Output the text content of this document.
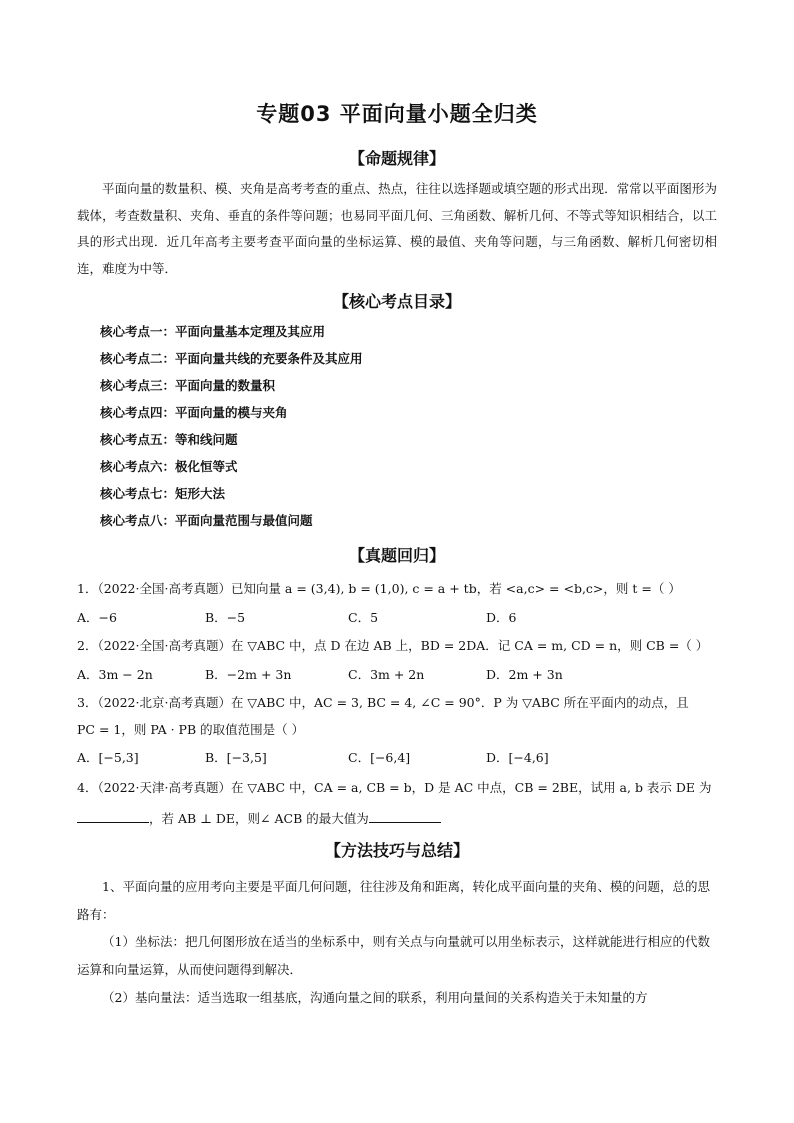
专题03 平面向量小题全归类
【命题规律】
平面向量的数量积、模、夹角是高考考查的重点、热点，往往以选择题或填空题的形式出现．常常以平面图形为载体，考查数量积、夹角、垂直的条件等问题；也易同平面几何、三角函数、解析几何、不等式等知识相结合，以工具的形式出现．近几年高考主要考查平面向量的坐标运算、模的最值、夹角等问题，与三角函数、解析几何密切相连，难度为中等．
【核心考点目录】
核心考点一：平面向量基本定理及其应用
核心考点二：平面向量共线的充要条件及其应用
核心考点三：平面向量的数量积
核心考点四：平面向量的模与夹角
核心考点五：等和线问题
核心考点六：极化恒等式
核心考点七：矩形大法
核心考点八：平面向量范围与最值问题
【真题回归】
1．（2022·全国·高考真题）已知向量 a = (3,4), b = (1,0), c = a + tb，若 <a,c> = <b,c>，则 t =（ ）
A．−6	B．−5	C．5	D．6
2．（2022·全国·高考真题）在 ▽ABC 中，点 D 在边 AB 上，BD = 2DA．记 CA = m, CD = n，则 CB =（ ）
A．3m − 2n	B．−2m + 3n	C．3m + 2n	D．2m + 3n
3．（2022·北京·高考真题）在 ▽ABC 中，AC = 3, BC = 4, ∠C = 90°．P 为 ▽ABC 所在平面内的动点，且
PC = 1，则 PA · PB 的取值范围是（ ）
A．[−5,3]	B．[−3,5]	C．[−6,4]	D．[−4,6]
4．（2022·天津·高考真题）在 ▽ABC 中，CA = a, CB = b，D 是 AC 中点，CB = 2BE，试用 a, b 表示 DE 为
，若 AB ⊥ DE，则∠ ACB 的最大值为
【方法技巧与总结】
1、平面向量的应用考向主要是平面几何问题，往往涉及角和距离，转化成平面向量的夹角、模的问题，总的思路有：
（1）坐标法：把几何图形放在适当的坐标系中，则有关点与向量就可以用坐标表示，这样就能进行相应的代数运算和向量运算，从而使问题得到解决．
（2）基向量法：适当选取一组基底，沟通向量之间的联系，利用向量间的关系构造关于未知量的方
